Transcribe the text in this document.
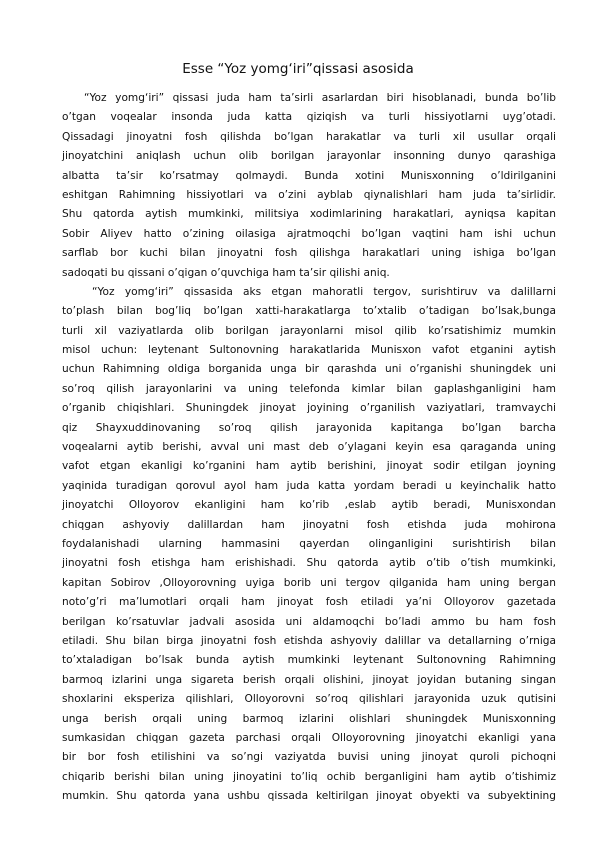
Esse “Yoz yomg‘iri”qissasi asosida
“Yoz yomg‘iri” qissasi juda ham ta’sirli asarlardan biri hisoblanadi, bunda bo’lib
o’tgan voqealar insonda juda katta qiziqish va turli hissiyotlarni uyg’otadi.
Qissadagi jinoyatni fosh qilishda bo’lgan harakatlar va turli xil usullar orqali
jinoyatchini aniqlash uchun olib borilgan jarayonlar insonning dunyo qarashiga
albatta ta’sir ko’rsatmay qolmaydi. Bunda xotini Munisxonning o’ldirilganini
eshitgan Rahimning hissiyotlari va o’zini ayblab qiynalishlari ham juda ta’sirlidir.
Shu qatorda aytish mumkinki, militsiya xodimlarining harakatlari, ayniqsa kapitan
Sobir Aliyev hatto o’zining oilasiga ajratmoqchi bo’lgan vaqtini ham ishi uchun
sarflab bor kuchi bilan jinoyatni fosh qilishga harakatlari uning ishiga bo’lgan
sadoqati bu qissani o’qigan o’quvchiga ham ta’sir qilishi aniq.
“Yoz yomg‘iri” qissasida aks etgan mahoratli tergov, surishtiruv va dalillarni
to’plash bilan bog’liq bo’lgan xatti-harakatlarga to’xtalib o’tadigan bo’lsak,bunga
turli xil vaziyatlarda olib borilgan jarayonlarni misol qilib ko’rsatishimiz mumkin
misol uchun: leytenant Sultonovning harakatlarida Munisxon vafot etganini aytish
uchun Rahimning oldiga borganida unga bir qarashda uni o’rganishi shuningdek uni
so’roq qilish jarayonlarini va uning telefonda kimlar bilan gaplashganligini ham
o’rganib chiqishlari. Shuningdek jinoyat joyining o’rganilish vaziyatlari, tramvaychi
qiz Shayxuddinovaning so’roq qilish jarayonida kapitanga bo’lgan barcha
voqealarni aytib berishi, avval uni mast deb o’ylagani keyin esa qaraganda uning
vafot etgan ekanligi ko’rganini ham aytib berishini, jinoyat sodir etilgan joyning
yaqinida turadigan qorovul ayol ham juda katta yordam beradi u keyinchalik hatto
jinoyatchi Olloyorov ekanligini ham ko’rib ,eslab aytib beradi, Munisxondan
chiqgan ashyoviy dalillardan ham jinoyatni fosh etishda juda mohirona
foydalanishadi ularning hammasini qayerdan olinganligini surishtirish bilan
jinoyatni fosh etishga ham erishishadi. Shu qatorda aytib o’tib o’tish mumkinki,
kapitan Sobirov ,Olloyorovning uyiga borib uni tergov qilganida ham uning bergan
noto’g’ri ma’lumotlari orqali ham jinoyat fosh etiladi ya’ni Olloyorov gazetada
berilgan ko’rsatuvlar jadvali asosida uni aldamoqchi bo’ladi ammo bu ham fosh
etiladi. Shu bilan birga jinoyatni fosh etishda ashyoviy dalillar va detallarning o’rniga
to’xtaladigan bo’lsak bunda aytish mumkinki leytenant Sultonovning Rahimning
barmoq izlarini unga sigareta berish orqali olishini, jinoyat joyidan butaning singan
shoxlarini eksperiza qilishlari, Olloyorovni so’roq qilishlari jarayonida uzuk qutisini
unga berish orqali uning barmoq izlarini olishlari shuningdek Munisxonning
sumkasidan chiqgan gazeta parchasi orqali Olloyorovning jinoyatchi ekanligi yana
bir bor fosh etilishini va so’ngi vaziyatda buvisi uning jinoyat quroli pichoqni
chiqarib berishi bilan uning jinoyatini to’liq ochib berganligini ham aytib o’tishimiz
mumkin. Shu qatorda yana ushbu qissada keltirilgan jinoyat obyekti va subyektining
